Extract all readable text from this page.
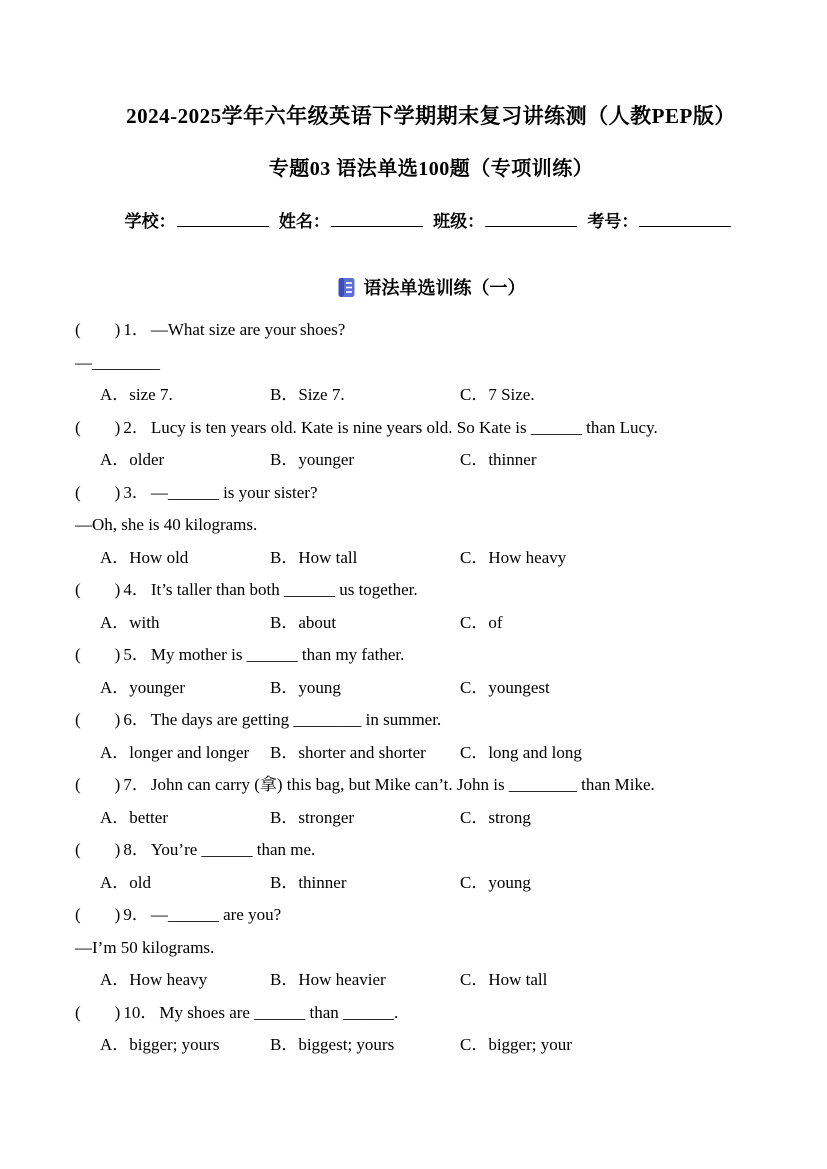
2024-2025学年六年级英语下学期期末复习讲练测（人教PEP版）
专题03 语法单选100题（专项训练）
学校：	姓名：	班级：	考号：
语法单选训练（一）
(        ) 1． —What size are your shoes?
—________
A．size 7.	B．Size 7.	C．7 Size.
(        ) 2． Lucy is ten years old. Kate is nine years old. So Kate is ______ than Lucy.
A．older	B．younger	C．thinner
(        ) 3． —______ is your sister?
—Oh, she is 40 kilograms.
A．How old	B．How tall	C．How heavy
(        ) 4． It’s taller than both ______ us together.
A．with	B．about	C．of
(        ) 5． My mother is ______ than my father.
A．younger	B．young	C．youngest
(        ) 6． The days are getting ________ in summer.
A．longer and longer B．shorter and shorter C．long and long
(        ) 7． John can carry (拿) this bag, but Mike can’t. John is ________ than Mike.
A．better	B．stronger	C．strong
(        ) 8． You’re ______ than me.
A．old	B．thinner	C．young
(        ) 9． —______ are you?
—I’m 50 kilograms.
A．How heavy	B．How heavier	C．How tall
(        ) 10． My shoes are ______ than ______.
A．bigger; yours	B．biggest; yours	C．bigger; your
